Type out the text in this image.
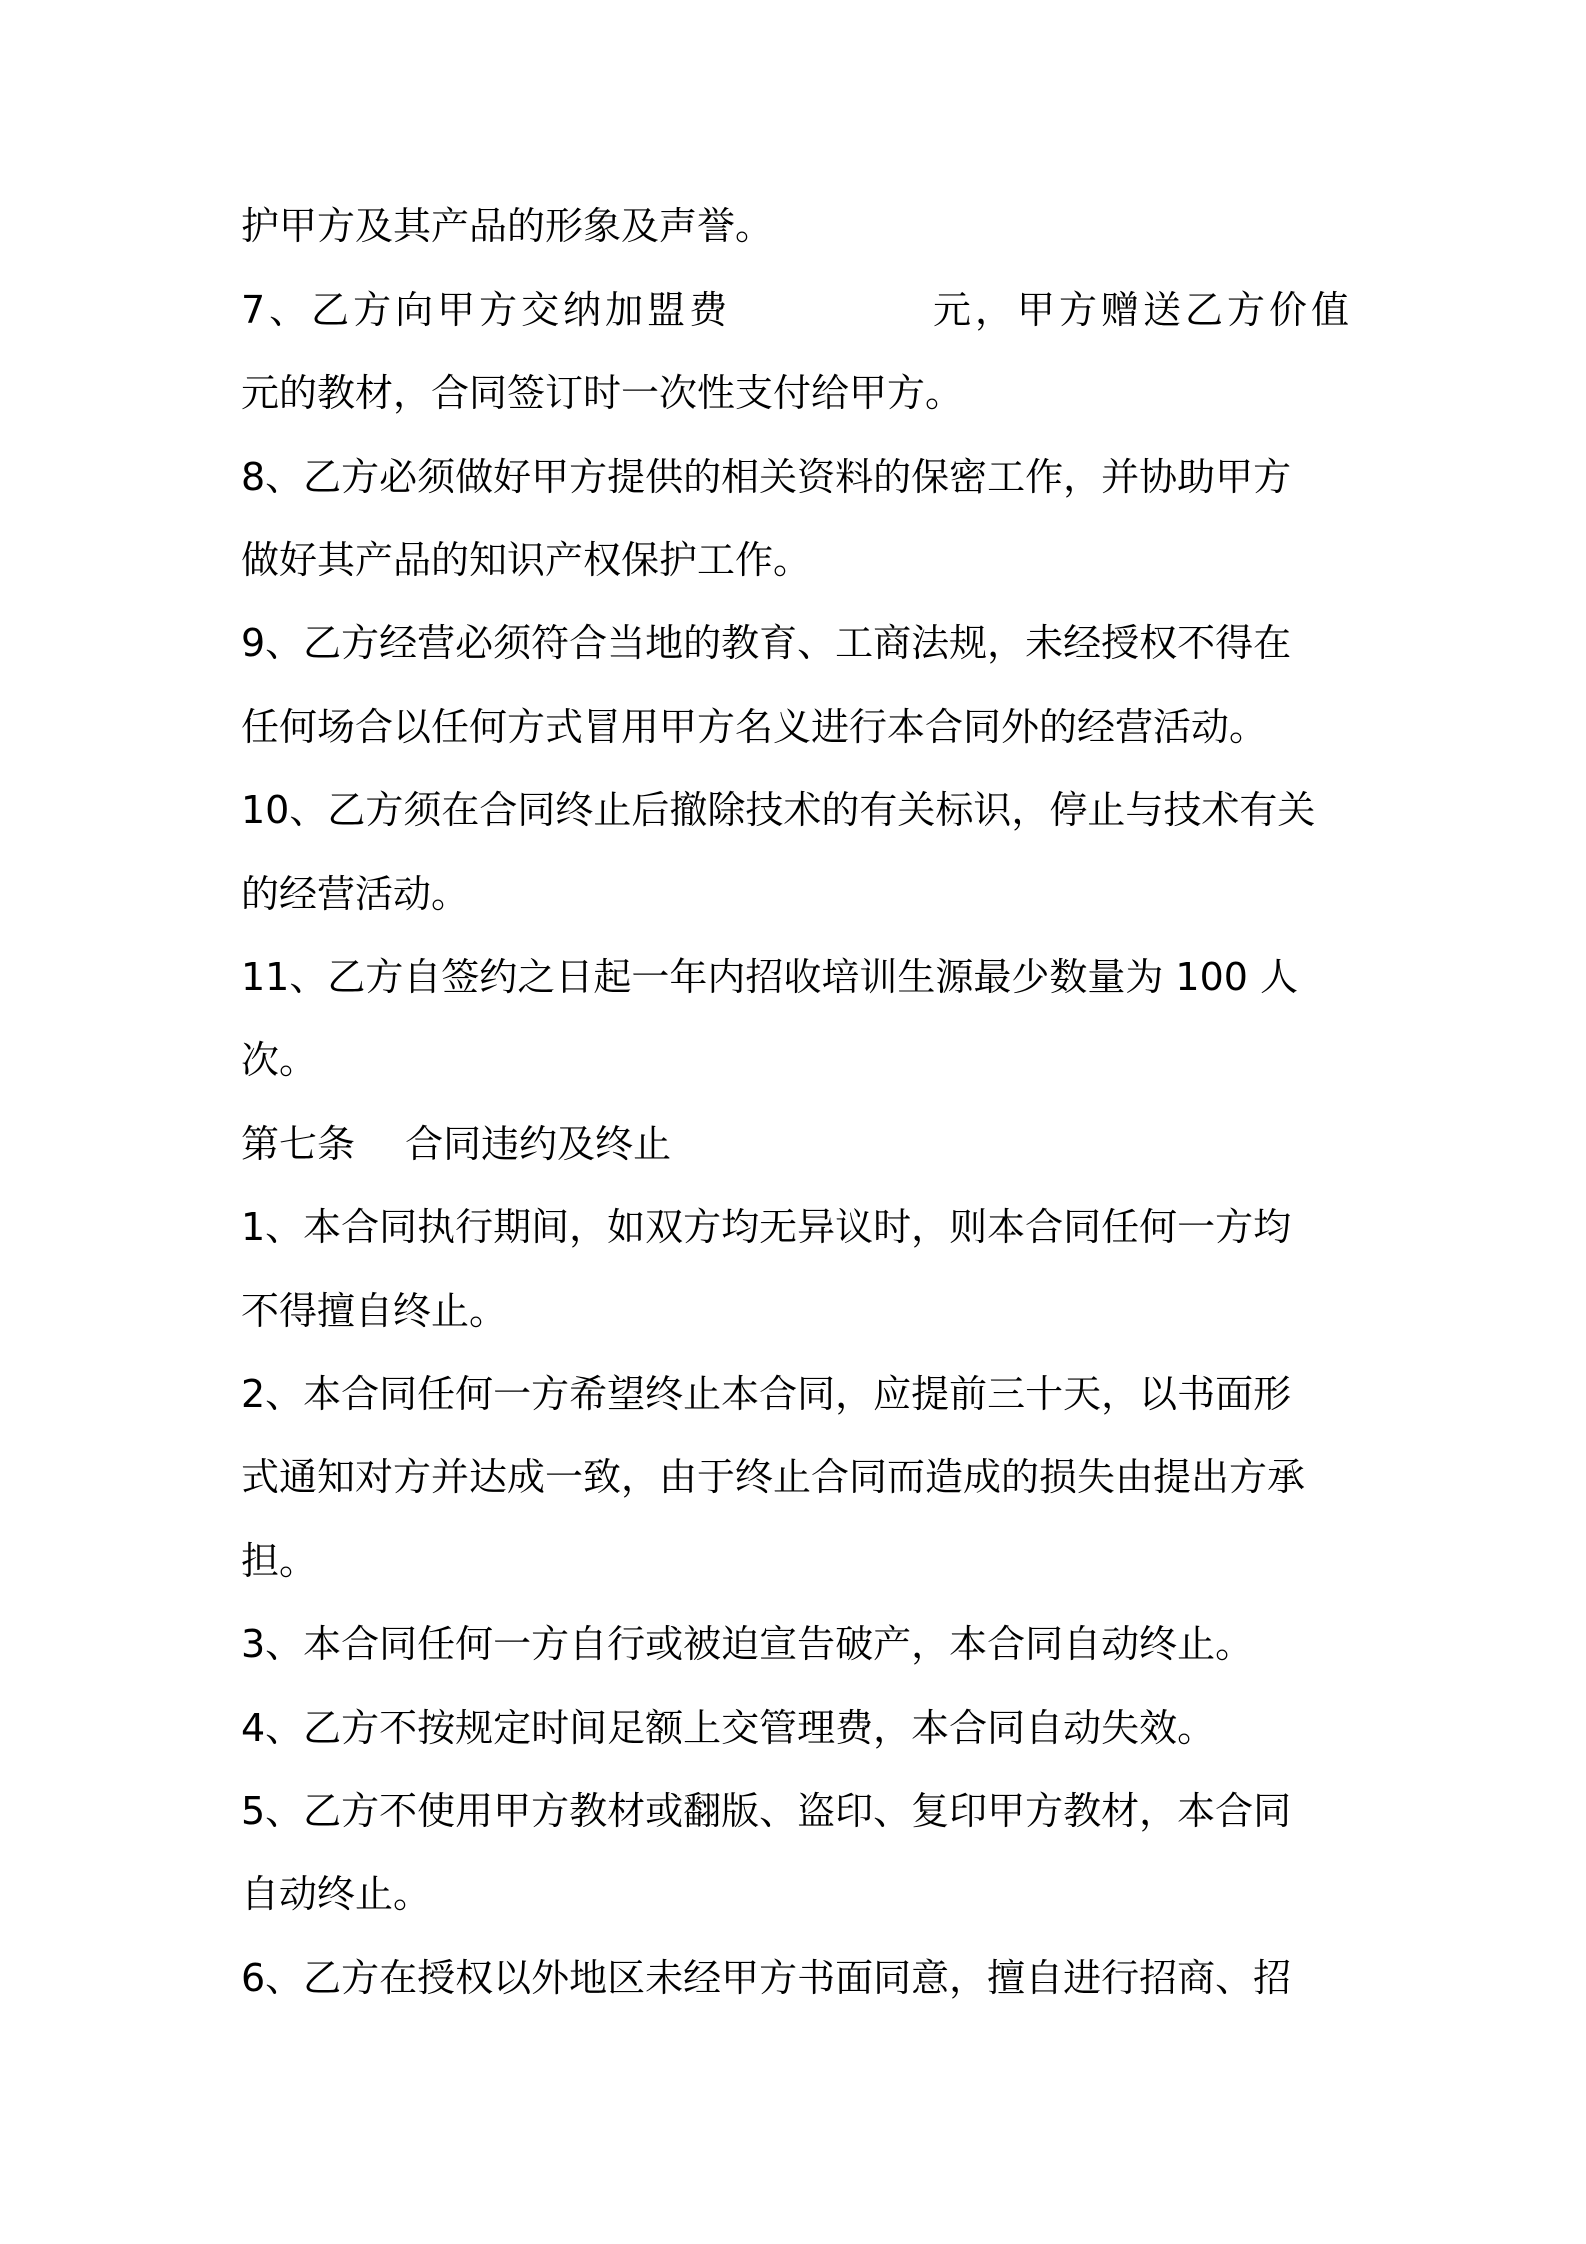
护甲方及其产品的形象及声誉。
7、乙方向甲方交纳加盟费	元，甲方赠送乙方价值
元的教材，合同签订时一次性支付给甲方。
8、乙方必须做好甲方提供的相关资料的保密工作，并协助甲方
做好其产品的知识产权保护工作。
9、乙方经营必须符合当地的教育、工商法规，未经授权不得在
任何场合以任何方式冒用甲方名义进行本合同外的经营活动。
10、乙方须在合同终止后撤除技术的有关标识，停止与技术有关
的经营活动。
11、乙方自签约之日起一年内招收培训生源最少数量为 100 人
次。
第七条　 合同违约及终止
1、本合同执行期间，如双方均无异议时，则本合同任何一方均
不得擅自终止。
2、本合同任何一方希望终止本合同，应提前三十天，以书面形
式通知对方并达成一致，由于终止合同而造成的损失由提出方承
担。
3、本合同任何一方自行或被迫宣告破产，本合同自动终止。
4、乙方不按规定时间足额上交管理费，本合同自动失效。
5、乙方不使用甲方教材或翻版、盗印、复印甲方教材，本合同
自动终止。
6、乙方在授权以外地区未经甲方书面同意，擅自进行招商、招
